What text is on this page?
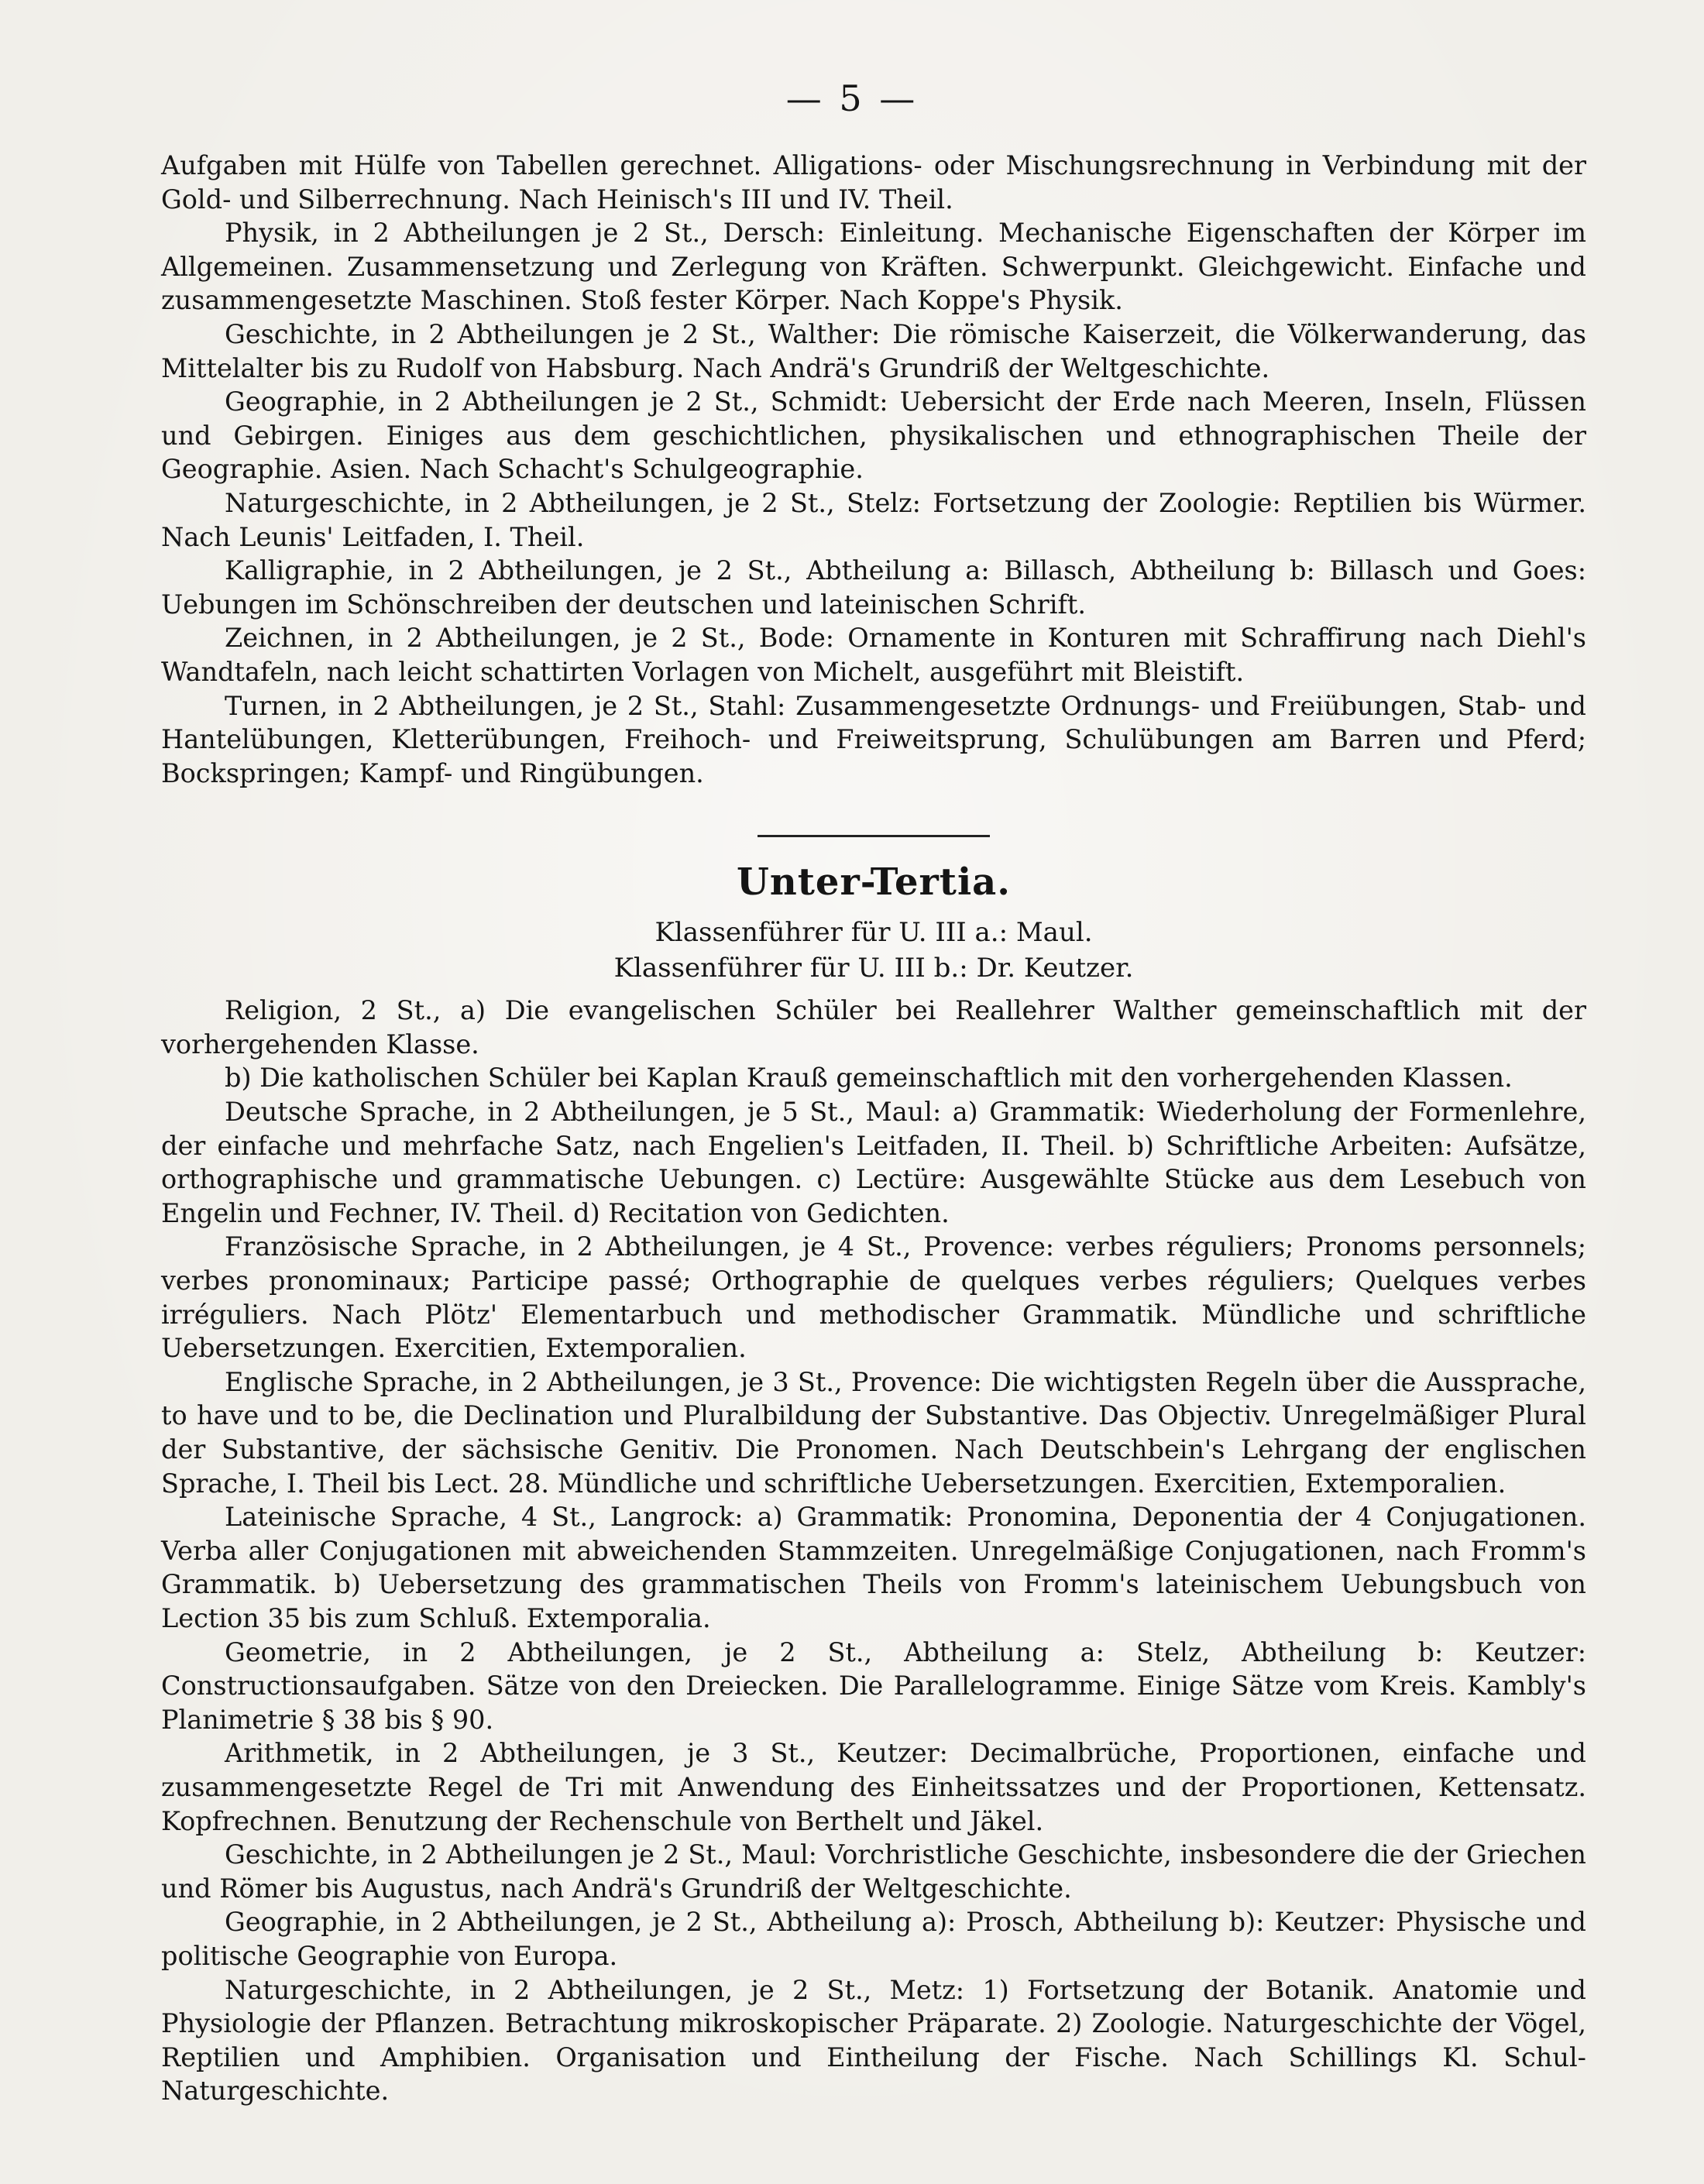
— 5 —

Aufgaben mit Hülfe von Tabellen gerechnet. Alligations- oder Mischungsrechnung in Verbindung mit der Gold- und Silberrechnung. Nach Heinisch's III und IV. Theil.

Physik, in 2 Abtheilungen je 2 St., Dersch: Einleitung. Mechanische Eigenschaften der Körper im Allgemeinen. Zusammensetzung und Zerlegung von Kräften. Schwerpunkt. Gleichgewicht. Einfache und zusammengesetzte Maschinen. Stoß fester Körper. Nach Koppe's Physik.

Geschichte, in 2 Abtheilungen je 2 St., Walther: Die römische Kaiserzeit, die Völkerwanderung, das Mittelalter bis zu Rudolf von Habsburg. Nach Andrä's Grundriß der Weltgeschichte.

Geographie, in 2 Abtheilungen je 2 St., Schmidt: Uebersicht der Erde nach Meeren, Inseln, Flüssen und Gebirgen. Einiges aus dem geschichtlichen, physikalischen und ethnographischen Theile der Geographie. Asien. Nach Schacht's Schulgeographie.

Naturgeschichte, in 2 Abtheilungen, je 2 St., Stelz: Fortsetzung der Zoologie: Reptilien bis Würmer. Nach Leunis' Leitfaden, I. Theil.

Kalligraphie, in 2 Abtheilungen, je 2 St., Abtheilung a: Billasch, Abtheilung b: Billasch und Goes: Uebungen im Schönschreiben der deutschen und lateinischen Schrift.

Zeichnen, in 2 Abtheilungen, je 2 St., Bode: Ornamente in Konturen mit Schraffirung nach Diehl's Wandtafeln, nach leicht schattirten Vorlagen von Michelt, ausgeführt mit Bleistift.

Turnen, in 2 Abtheilungen, je 2 St., Stahl: Zusammengesetzte Ordnungs- und Freiübungen, Stab- und Hantelübungen, Kletterübungen, Freihoch- und Freiweitsprung, Schulübungen am Barren und Pferd; Bockspringen; Kampf- und Ringübungen.

Unter-Tertia.

Klassenführer für U. III a.: Maul.

Klassenführer für U. III b.: Dr. Keutzer.

Religion, 2 St., a) Die evangelischen Schüler bei Reallehrer Walther gemeinschaftlich mit der vorhergehenden Klasse.

b) Die katholischen Schüler bei Kaplan Krauß gemeinschaftlich mit den vorhergehenden Klassen.

Deutsche Sprache, in 2 Abtheilungen, je 5 St., Maul: a) Grammatik: Wiederholung der Formenlehre, der einfache und mehrfache Satz, nach Engelien's Leitfaden, II. Theil. b) Schriftliche Arbeiten: Aufsätze, orthographische und grammatische Uebungen. c) Lectüre: Ausgewählte Stücke aus dem Lesebuch von Engelin und Fechner, IV. Theil. d) Recitation von Gedichten.

Französische Sprache, in 2 Abtheilungen, je 4 St., Provence: verbes réguliers; Pronoms personnels; verbes pronominaux; Participe passé; Orthographie de quelques verbes réguliers; Quelques verbes irréguliers. Nach Plötz' Elementarbuch und methodischer Grammatik. Mündliche und schriftliche Uebersetzungen. Exercitien, Extemporalien.

Englische Sprache, in 2 Abtheilungen, je 3 St., Provence: Die wichtigsten Regeln über die Aussprache, to have und to be, die Declination und Pluralbildung der Substantive. Das Objectiv. Unregelmäßiger Plural der Substantive, der sächsische Genitiv. Die Pronomen. Nach Deutschbein's Lehrgang der englischen Sprache, I. Theil bis Lect. 28. Mündliche und schriftliche Uebersetzungen. Exercitien, Extemporalien.

Lateinische Sprache, 4 St., Langrock: a) Grammatik: Pronomina, Deponentia der 4 Conjugationen. Verba aller Conjugationen mit abweichenden Stammzeiten. Unregelmäßige Conjugationen, nach Fromm's Grammatik. b) Uebersetzung des grammatischen Theils von Fromm's lateinischem Uebungsbuch von Lection 35 bis zum Schluß. Extemporalia.

Geometrie, in 2 Abtheilungen, je 2 St., Abtheilung a: Stelz, Abtheilung b: Keutzer: Constructionsaufgaben. Sätze von den Dreiecken. Die Parallelogramme. Einige Sätze vom Kreis. Kambly's Planimetrie § 38 bis § 90.

Arithmetik, in 2 Abtheilungen, je 3 St., Keutzer: Decimalbrüche, Proportionen, einfache und zusammengesetzte Regel de Tri mit Anwendung des Einheitssatzes und der Proportionen, Kettensatz. Kopfrechnen. Benutzung der Rechenschule von Berthelt und Jäkel.

Geschichte, in 2 Abtheilungen je 2 St., Maul: Vorchristliche Geschichte, insbesondere die der Griechen und Römer bis Augustus, nach Andrä's Grundriß der Weltgeschichte.

Geographie, in 2 Abtheilungen, je 2 St., Abtheilung a): Prosch, Abtheilung b): Keutzer: Physische und politische Geographie von Europa.

Naturgeschichte, in 2 Abtheilungen, je 2 St., Metz: 1) Fortsetzung der Botanik. Anatomie und Physiologie der Pflanzen. Betrachtung mikroskopischer Präparate. 2) Zoologie. Naturgeschichte der Vögel, Reptilien und Amphibien. Organisation und Eintheilung der Fische. Nach Schillings Kl. Schul-Naturgeschichte.
